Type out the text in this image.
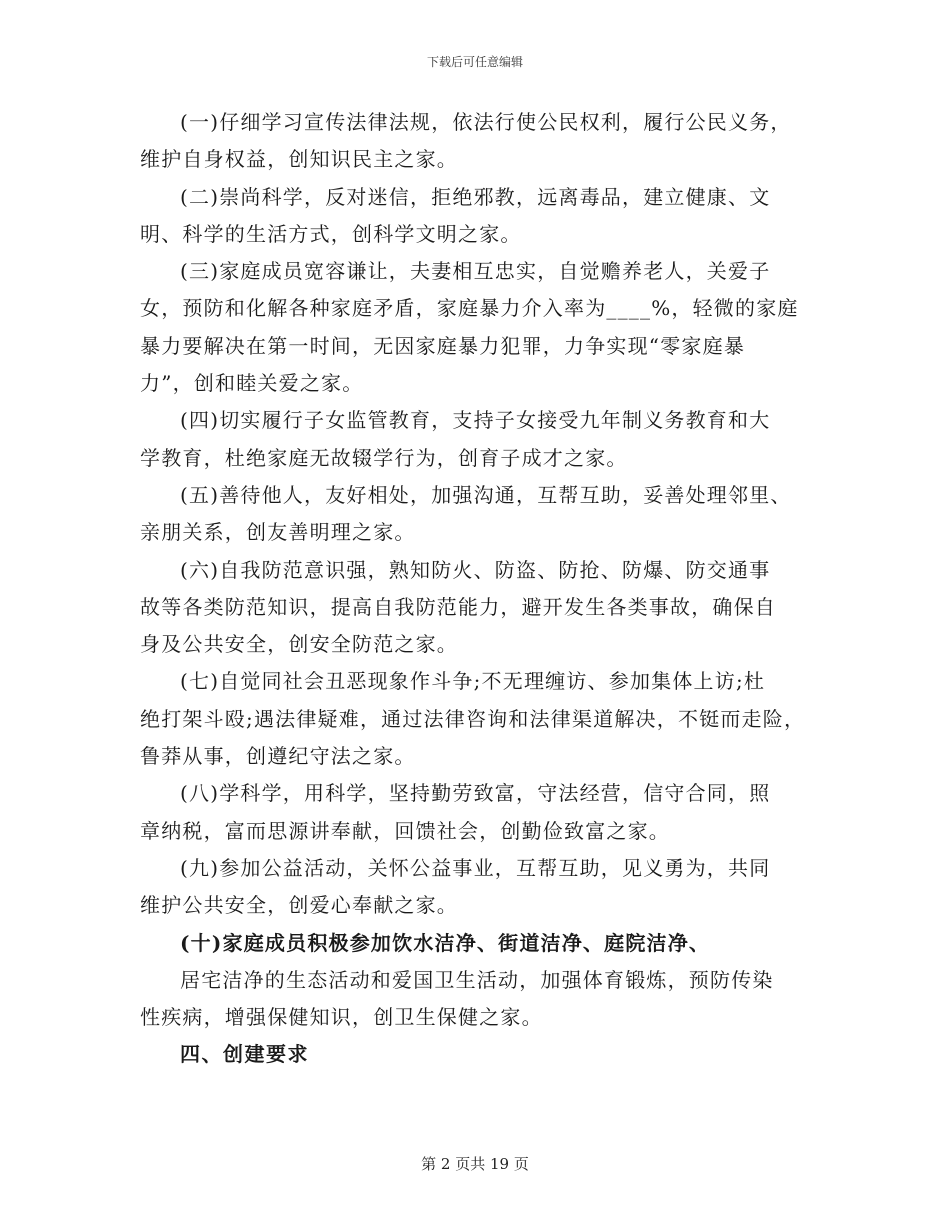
下载后可任意编辑

(一)仔细学习宣传法律法规，依法行使公民权利，履行公民义务，
维护自身权益，创知识民主之家。

(二)崇尚科学，反对迷信，拒绝邪教，远离毒品，建立健康、文
明、科学的生活方式，创科学文明之家。

(三)家庭成员宽容谦让，夫妻相互忠实，自觉赡养老人，关爱子
女，预防和化解各种家庭矛盾，家庭暴力介入率为____%，轻微的家庭
暴力要解决在第一时间，无因家庭暴力犯罪，力争实现“零家庭暴
力”，创和睦关爱之家。

(四)切实履行子女监管教育，支持子女接受九年制义务教育和大
学教育，杜绝家庭无故辍学行为，创育子成才之家。

(五)善待他人，友好相处，加强沟通，互帮互助，妥善处理邻里、
亲朋关系，创友善明理之家。

(六)自我防范意识强，熟知防火、防盗、防抢、防爆、防交通事
故等各类防范知识，提高自我防范能力，避开发生各类事故，确保自
身及公共安全，创安全防范之家。

(七)自觉同社会丑恶现象作斗争;不无理缠访、参加集体上访;杜
绝打架斗殴;遇法律疑难，通过法律咨询和法律渠道解决，不铤而走险，
鲁莽从事，创遵纪守法之家。

(八)学科学，用科学，坚持勤劳致富，守法经营，信守合同，照
章纳税，富而思源讲奉献，回馈社会，创勤俭致富之家。

(九)参加公益活动，关怀公益事业，互帮互助，见义勇为，共同
维护公共安全，创爱心奉献之家。

(十)家庭成员积极参加饮水洁净、街道洁净、庭院洁净、

居宅洁净的生态活动和爱国卫生活动，加强体育锻炼，预防传染
性疾病，增强保健知识，创卫生保健之家。

四、创建要求

第 2 页共 19 页
